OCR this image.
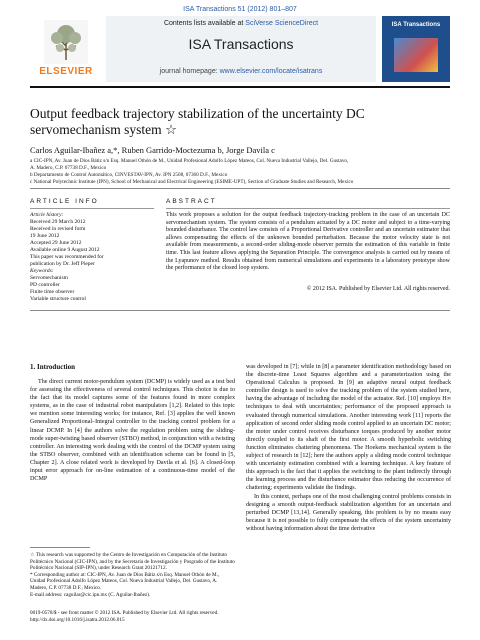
ISA Transactions 51 (2012) 801–807
ELSEVIER
Contents lists available at SciVerse ScienceDirect
ISA Transactions
journal homepage: www.elsevier.com/locate/isatrans
ISA Transactions
Output feedback trajectory stabilization of the uncertainty DC servomechanism system ☆
Carlos Aguilar-Ibañez a,*, Ruben Garrido-Moctezuma b, Jorge Davila c
a CIC-IPN, Av. Juan de Dios Bátiz s/n Esq. Manuel Othón de M., Unidad Profesional Adolfo López Mateos, Col. Nueva Industrial Vallejo, Del. Gustavo,
A. Madero, C.P. 07738 D.F., Mexico
b Departamento de Control Automático, CINVESTAV-IPN, Av. IPN 2508, 07360 D.F., Mexico
c National Polytechnic Institute (IPN), School of Mechanical and Electrical Engineering (ESIME-UPT), Section of Graduate Studies and Research, Mexico
ARTICLE INFO	ABSTRACT
Article history:
Received 29 March 2012
Received in revised form
19 June 2012
Accepted 29 June 2012
Available online 9 August 2012
This paper was recommended for
publication by Dr. Jeff Pieper
Keywords:
Servomechanism
PD controller
Finite time observer
Variable structure control
This work proposes a solution for the output feedback trajectory-tracking problem in the case of an uncertain DC servomechanism system. The system consists of a pendulum actuated by a DC motor and subject to a time-varying bounded disturbance. The control law consists of a Proportional Derivative controller and an uncertain estimator that allows compensating the effects of the unknown bounded perturbation. Because the motor velocity state is not available from measurements, a second-order sliding-mode observer permits the estimation of this variable in finite time. This last feature allows applying the Separation Principle. The convergence analysis is carried out by means of the Lyapunov method. Results obtained from numerical simulations and experiments in a laboratory prototype show the performance of the closed loop system.
© 2012 ISA. Published by Elsevier Ltd. All rights reserved.
1. Introduction

The direct current motor-pendulum system (DCMP) is widely used as a test bed for assessing the effectiveness of several control techniques. This choice is due to the fact that its model captures some of the features found in more complex systems, as in the case of industrial robot manipulators [1,2]. Related to this topic we mention some interesting works; for instance, Ref. [3] applies the well known Generalized Proportional–Integral controller to the tracking control problem for a linear DCMP. In [4] the authors solve the regulation problem using the sliding-mode super-twisting based observer (STBO) method, in conjunction with a twisting controller. An interesting work dealing with the control of the DCMP system using the STBO observer, combined with an identification scheme can be found in [5, Chapter 2]. A close related work is developed by Davila et al. [6]. A closed-loop input error approach for on-line estimation of a continuous-time model of the DCMP

was developed in [7]; while in [8] a parameter identification methodology based on the discrete-time Least Squares algorithm and a parameterization using the Operational Calculus is proposed. In [9] an adaptive neural output feedback controller design is used to solve the tracking problem of the system studied here, having the advantage of including the model of the actuator. Ref. [10] employs H∞ techniques to deal with uncertainties; performance of the proposed approach is evaluated through numerical simulations. Another interesting work [11] reports the application of second order sliding mode control applied to an uncertain DC motor; the motor under control receives disturbance torques produced by another motor directly coupled to its shaft of the first motor. A smooth hyperbolic switching function eliminates chattering phenomena. The Hoekens mechanical system is the subject of research in [12]; here the authors apply a sliding mode control technique with uncertainty estimation combined with a learning technique. A key feature of this approach is the fact that it applies the switching to the plant indirectly through the learning process and the disturbance estimator thus reducing the occurrence of chattering; experiments validate the findings.

In this context, perhaps one of the most challenging control problems consists in designing a smooth output-feedback stabilization algorithm for an uncertain and perturbed DCMP [13,14]. Generally speaking, this problem is by no means easy because it is not possible to fully compensate the effects of the system uncertainty without having information about the time derivative

☆ This research was supported by the Centro de Investigación en Computación of the Instituto Politécnico Nacional (CIC-IPN), and by the Secretaría de Investigación y Posgrado of the Instituto Politécnico Nacional (SIP-IPN), under Research Grant 20121712.
* Corresponding author at: CIC-IPN, Av. Juan de Dios Bátiz s/n Esq. Manuel Othón de M., Unidad Profesional Adolfo López Mateos, Col. Nueva Industrial Vallejo, Del. Gustavo, A. Madero, C.P. 07738 D.F., Mexico.
E-mail address: caguilar@cic.ipn.mx (C. Aguilar-Ibañez).
0019-0578/$ - see front matter © 2012 ISA. Published by Elsevier Ltd. All rights reserved.
http://dx.doi.org/10.1016/j.isatra.2012.06.015
